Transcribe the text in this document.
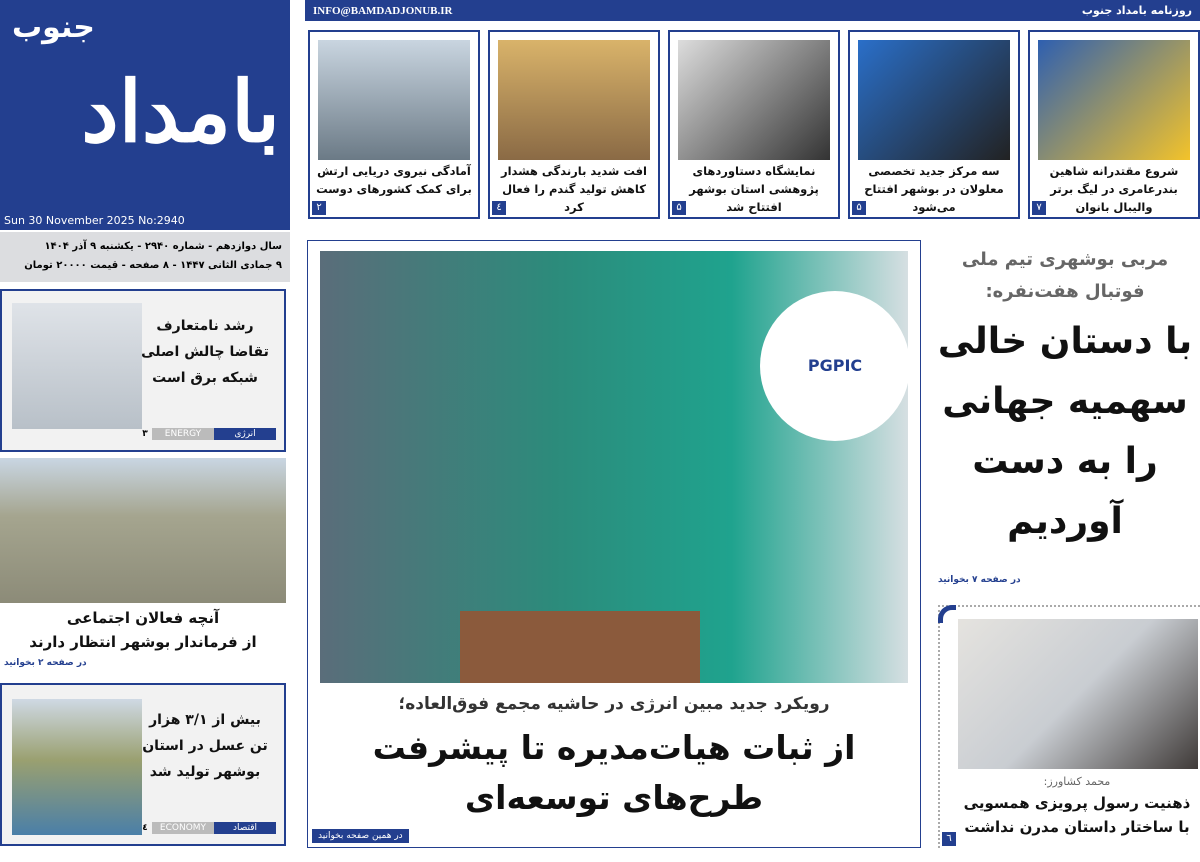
بامداد
جنوب
Sun 30 November 2025 No:2940
سال دوازدهم - شماره ۲۹۴۰ - یکشنبه ۹ آذر ۱۴۰۴
۹ جمادی الثانی ۱۴۴۷ - ۸ صفحه - قیمت ۲۰۰۰۰ تومان
روزنامه بامداد جنوب
INFO@BAMDADJONUB.IR
شروع مقتدرانه شاهین بندرعامری در لیگ برتر والیبال بانوان
۷
سه مرکز جدید تخصصی معلولان در بوشهر افتتاح می‌شود
۵
نمایشگاه دستاوردهای پژوهشی استان بوشهر افتتاح شد
۵
افت شدید بارندگی هشدار کاهش تولید گندم را فعال کرد
٤
آمادگی نیروی دریایی ارتش برای کمک کشورهای دوست
۲
رشد نامتعارف تقاضا چالش اصلی شبکه برق است
انرژی
ENERGY
۳
آنچه فعالان اجتماعی
از فرماندار بوشهر انتظار دارند
در صفحه ۲ بخوانید
بیش از ۳/۱ هزار تن عسل در استان بوشهر تولید شد
اقتصاد
ECONOMY
٤
PGPIC
رویکرد جدید مبین انرژی در حاشیه مجمع فوق‌العاده؛
از ثبات هیات‌مدیره تا پیشرفت
طرح‌های توسعه‌ای
در همین صفحه بخوانید
مربی بوشهری تیم ملی
فوتبال هفت‌نفره:
با دستان خالی
سهمیه جهانی
را به دست
آوردیم
در صفحه ۷ بخوانید
محمد کشاورز:
ذهنیت رسول پرویزی همسویی
با ساختار داستان مدرن نداشت
٦
